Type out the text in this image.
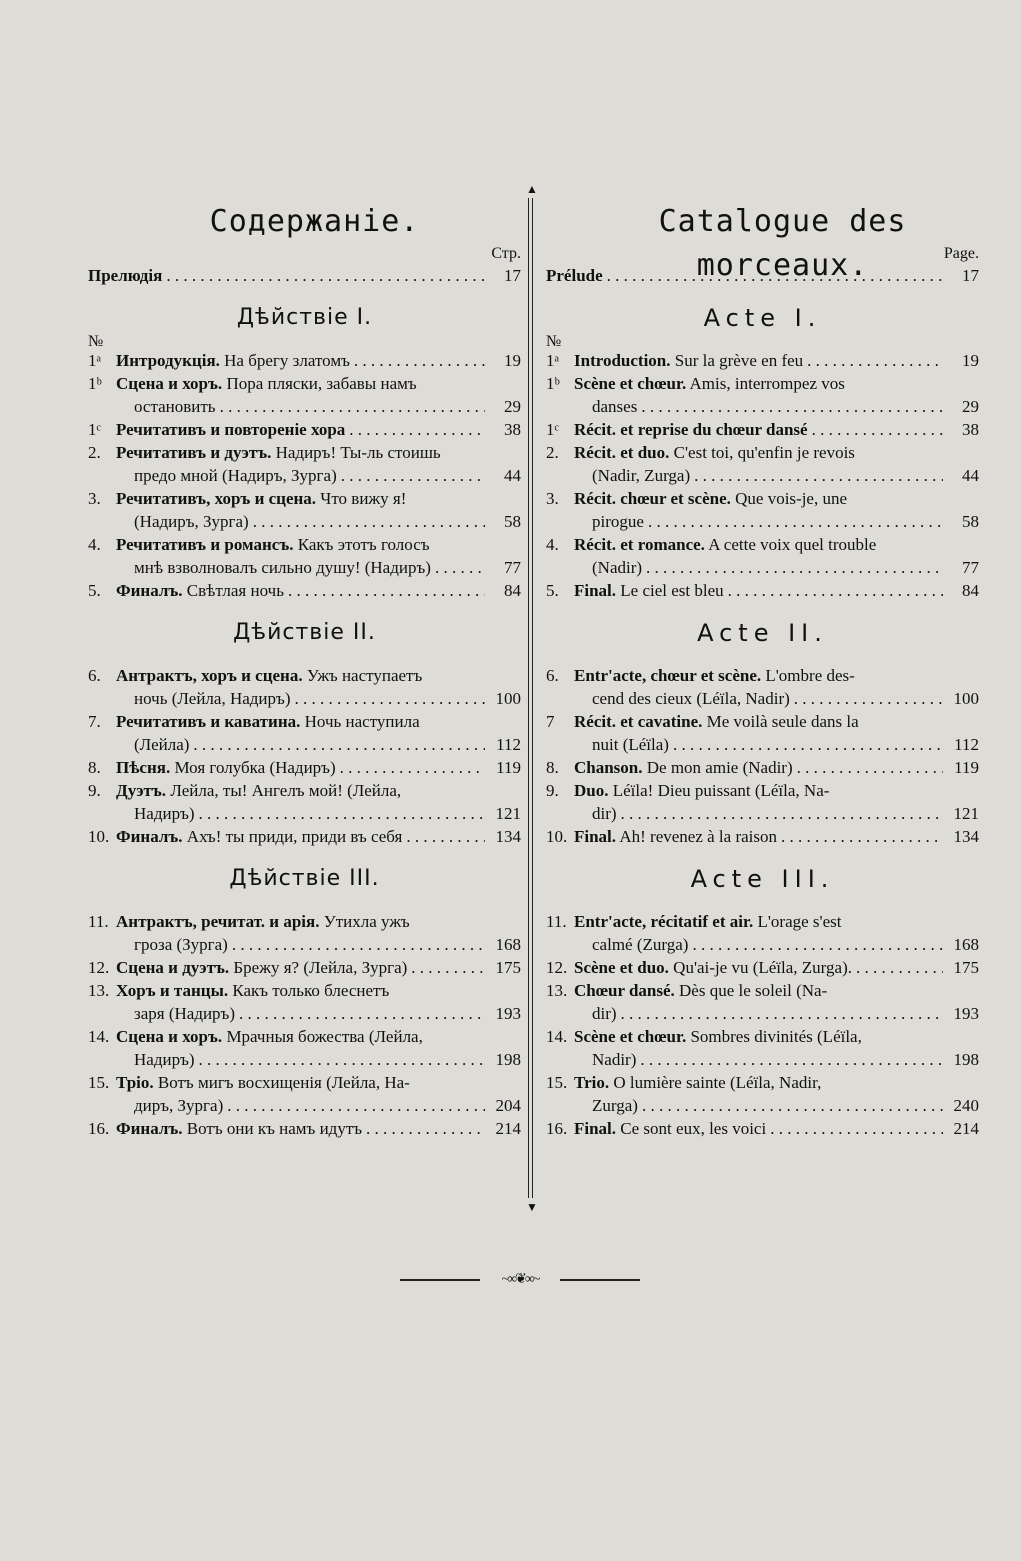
Содержаніе.
Стр.
Прелюдія . . .	17
Дѣйствіе I.
№
1ᵃ Интродукція. На брегу златомъ . . .	19
1ᵇ Сцена и хоръ. Пора пляски, забавы намъ
остановить . . .	29
1ᶜ Речитативъ и повтореніе хора . . .	38
2. Речитативъ и дуэтъ. Надиръ! Ты-ль стоишь
предо мной (Надиръ, Зурга) . . .	44
3. Речитативъ, хоръ и сцена. Что вижу я!
(Надиръ, Зурга) . . .	58
4. Речитативъ и романсъ. Какъ этотъ голосъ
мнѣ взволновалъ сильно душу! (Надиръ) . . .	77
5. Финалъ. Свѣтлая ночь . . .	84
Дѣйствіе II.
6. Антрактъ, хоръ и сцена. Ужъ наступаетъ
ночь (Лейла, Надиръ) . . .	100
7. Речитативъ и каватина. Ночь наступила
(Лейла) . . .	112
8. Пѣсня. Моя голубка (Надиръ) . . .	119
9. Дуэтъ. Лейла, ты! Ангелъ мой! (Лейла,
Надиръ) . . .	121
10. Финалъ. Ахъ! ты приди, приди въ себя . . .	134
Дѣйствіе III.
11. Антрактъ, речитат. и арія. Утихла ужъ
гроза (Зурга) . . .	168
12. Сцена и дуэтъ. Брежу я? (Лейла, Зурга) . . .	175
13. Хоръ и танцы. Какъ только блеснетъ
заря (Надиръ) . . .	193
14. Сцена и хоръ. Мрачныя божества (Лейла,
Надиръ) . . .	198
15. Тріо. Вотъ мигъ восхищенія (Лейла, На-
диръ, Зурга) . . .	204
16. Финалъ. Вотъ они къ намъ идутъ . . .	214
▲
▼
Catalogue des morceaux.	Page.
Prélude . . .	17
Acte I.
№
1ᵃ Introduction. Sur la grève en feu . . .	19
1ᵇ Scène et chœur. Amis, interrompez vos
danses . . .	29
1ᶜ Récit. et reprise du chœur dansé . . .	38
2. Récit. et duo. C'est toi, qu'enfin je revois
(Nadir, Zurga) . . .	44
3. Récit. chœur et scène. Que vois-je, une
pirogue . . .	58
4. Récit. et romance. A cette voix quel trouble
(Nadir) . . .	77
5. Final. Le ciel est bleu . . .	84
Acte II.
6. Entr'acte, chœur et scène. L'ombre des-
cend des cieux (Léïla, Nadir) . . .	100
7	Récit. et cavatine. Me voilà seule dans la
nuit (Léïla) . . .	112
8. Chanson. De mon amie (Nadir) . . .	119
9. Duo. Léïla! Dieu puissant (Léïla, Na-
dir) . . .	121
10. Final. Ah! revenez à la raison . . .	134
Acte III.
11. Entr'acte, récitatif et air. L'orage s'est
calmé (Zurga) . . .	168
12. Scène et duo. Qu'ai-je vu (Léïla, Zurga). . . .	175
13. Chœur dansé. Dès que le soleil (Na-
dir) . . .	193
14. Scène et chœur. Sombres divinités (Léïla,
Nadir) . . .	198
15. Trio. O lumière sainte (Léïla, Nadir,
Zurga) . . .	240
16. Final. Ce sont eux, les voici . . .	214
~∞❦∞~
